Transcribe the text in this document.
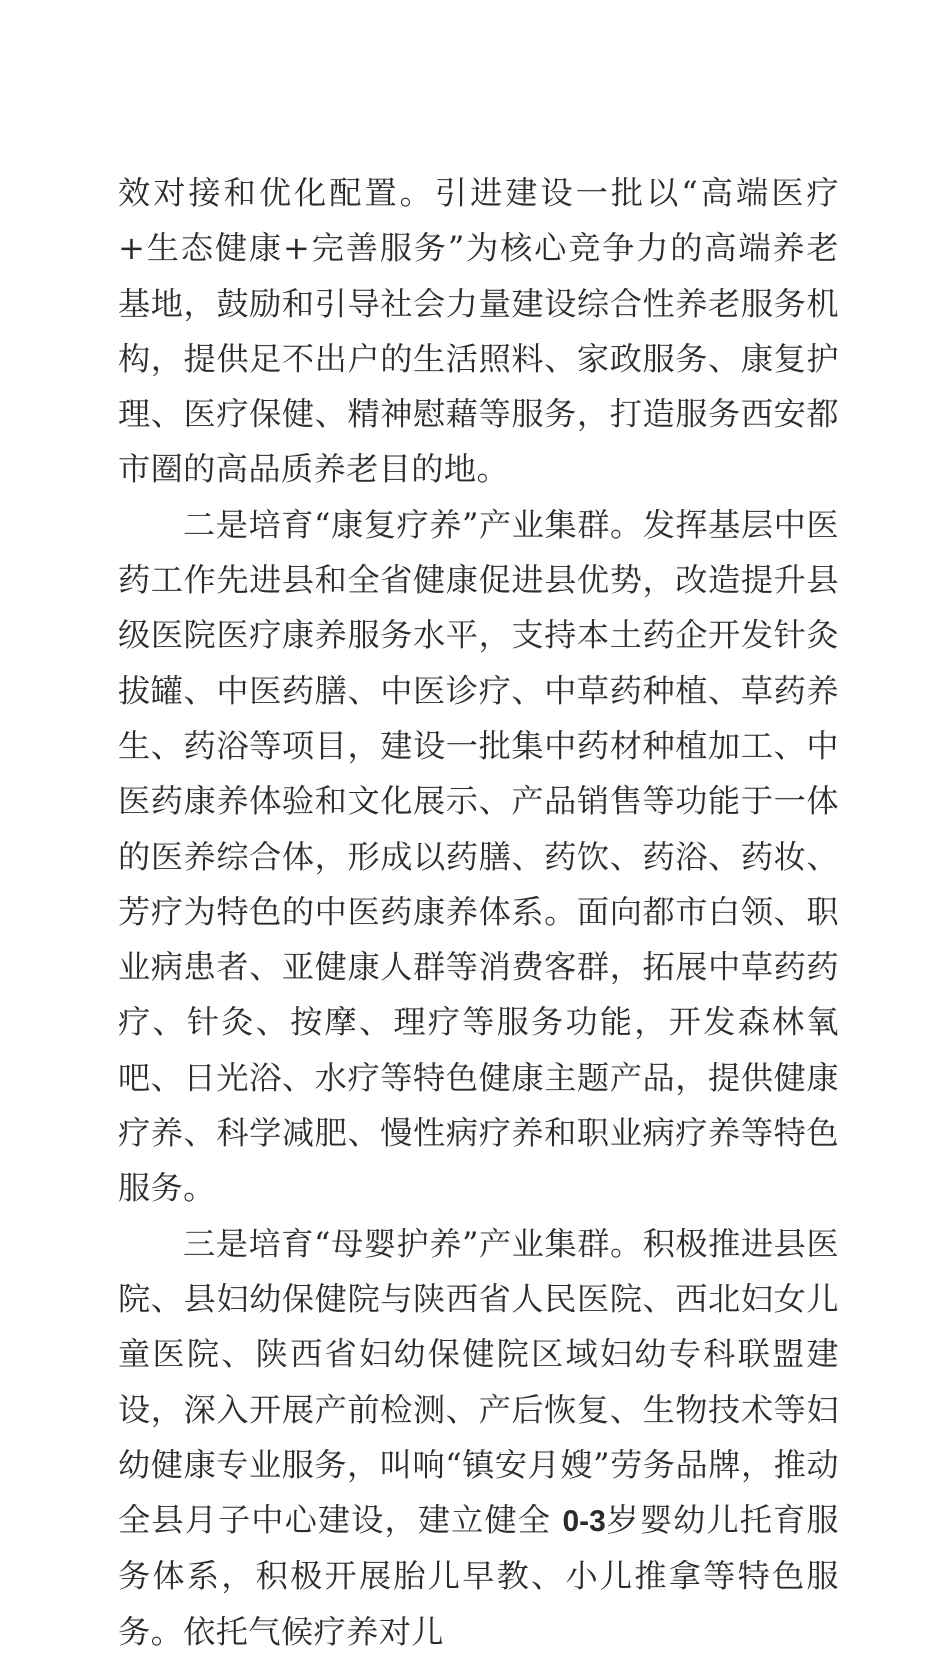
效对接和优化配置。引进建设一批以“高端医疗+生态健康+完善服务”为核心竞争力的高端养老基地，鼓励和引导社会力量建设综合性养老服务机构，提供足不出户的生活照料、家政服务、康复护理、医疗保健、精神慰藉等服务，打造服务西安都市圈的高品质养老目的地。

二是培育“康复疗养”产业集群。发挥基层中医药工作先进县和全省健康促进县优势，改造提升县级医院医疗康养服务水平，支持本土药企开发针灸拔罐、中医药膳、中医诊疗、中草药种植、草药养生、药浴等项目，建设一批集中药材种植加工、中医药康养体验和文化展示、产品销售等功能于一体的医养综合体，形成以药膳、药饮、药浴、药妆、芳疗为特色的中医药康养体系。面向都市白领、职业病患者、亚健康人群等消费客群，拓展中草药药疗、针灸、按摩、理疗等服务功能，开发森林氧吧、日光浴、水疗等特色健康主题产品，提供健康疗养、科学减肥、慢性病疗养和职业病疗养等特色服务。

三是培育“母婴护养”产业集群。积极推进县医院、县妇幼保健院与陕西省人民医院、西北妇女儿童医院、陕西省妇幼保健院区域妇幼专科联盟建设，深入开展产前检测、产后恢复、生物技术等妇幼健康专业服务，叫响“镇安月嫂”劳务品牌，推动全县月子中心建设，建立健全 0-3岁婴幼儿托育服务体系，积极开展胎儿早教、小儿推拿等特色服务。依托气候疗养对儿
